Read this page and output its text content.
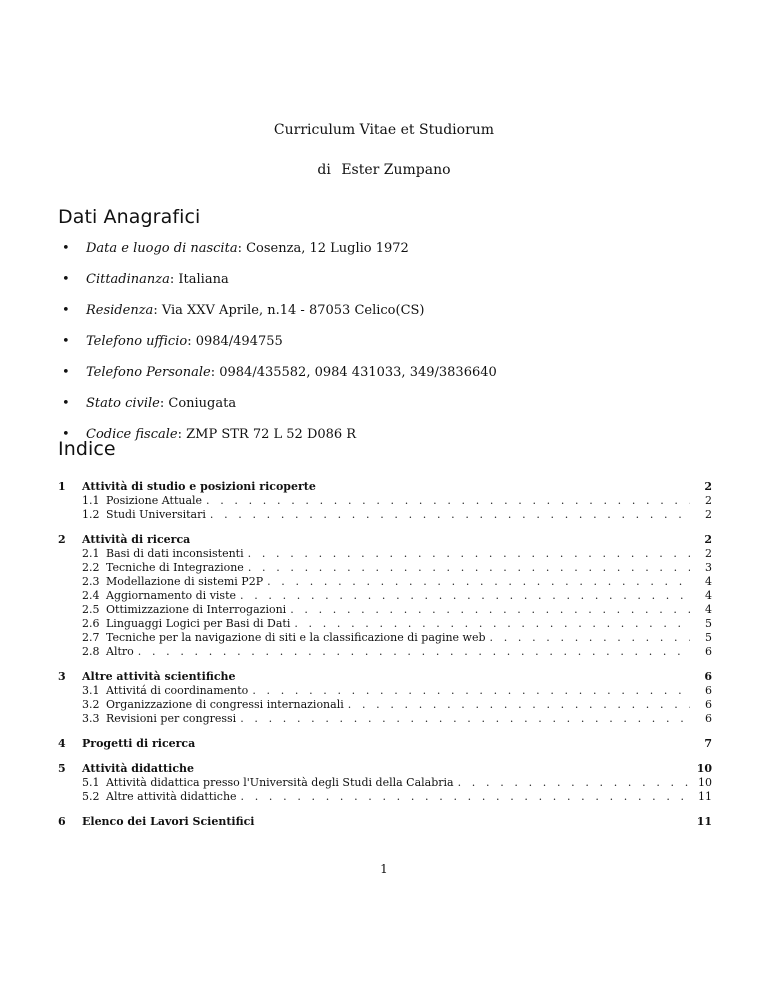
Curriculum Vitae et Studiorum
di Ester Zumpano
Dati Anagrafici
• Data e luogo di nascita: Cosenza, 12 Luglio 1972
• Cittadinanza: Italiana
• Residenza: Via XXV Aprile, n.14 - 87053 Celico(CS)
• Telefono ufficio: 0984/494755
• Telefono Personale: 0984/435582, 0984 431033, 349/3836640
• Stato civile: Coniugata
• Codice fiscale: ZMP STR 72 L 52 D086 R
Indice
1	Attività di studio e posizioni ricoperte	2
1.1 Posizione Attuale . . .	2
1.2 Studi Universitari . . .	2
2	Attività di ricerca	2
2.1 Basi di dati inconsistenti . . .	2
2.2 Tecniche di Integrazione . . .	3
2.3 Modellazione di sistemi P2P . . .	4
2.4 Aggiornamento di viste . . .	4
2.5 Ottimizzazione di Interrogazioni . . .	4
2.6 Linguaggi Logici per Basi di Dati . . .	5
2.7 Tecniche per la navigazione di siti e la classificazione di pagine web . . .	5
2.8 Altro . . .	6
3	Altre attività scientifiche	6
3.1 Attivitá di coordinamento . . .	6
3.2 Organizzazione di congressi internazionali . . .	6
3.3 Revisioni per congressi . . .	6
4	Progetti di ricerca	7
5	Attività didattiche	10
5.1 Attività didattica presso l'Università degli Studi della Calabria . . .	10
5.2 Altre attività didattiche . . .	11
6	Elenco dei Lavori Scientifici	11
1
